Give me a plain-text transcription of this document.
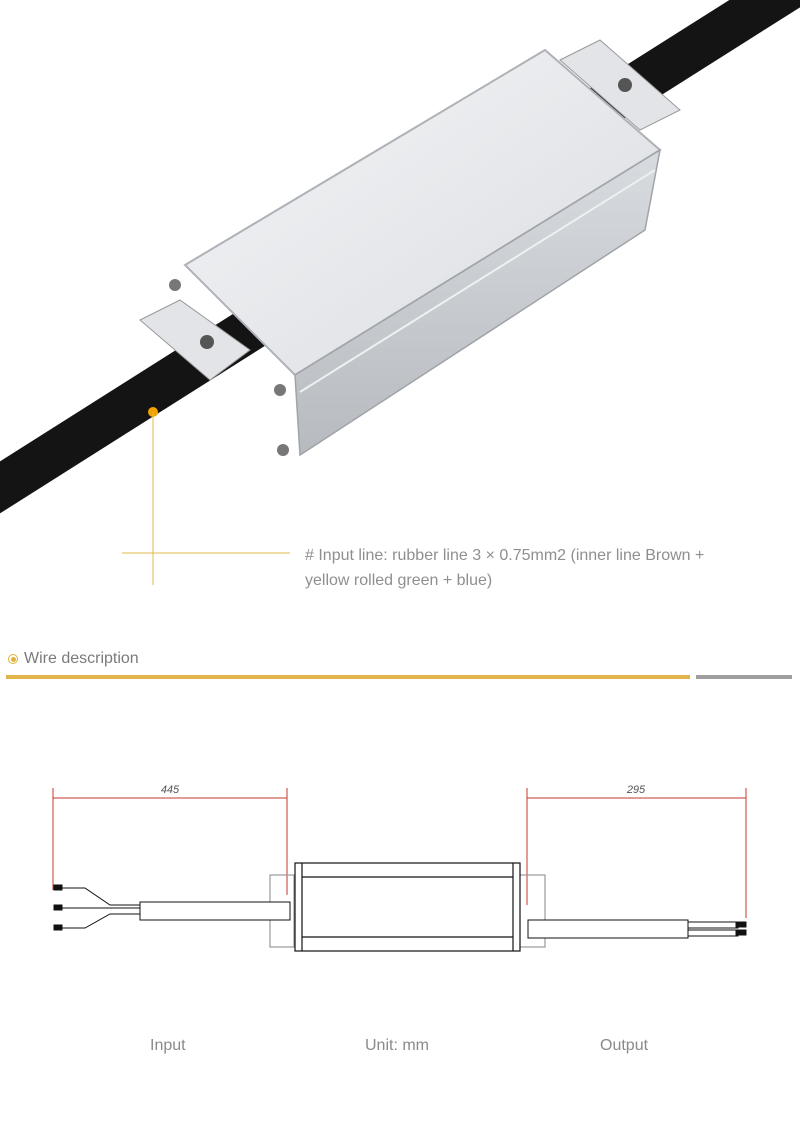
# Input line: rubber line 3 × 0.75mm2 (inner line Brown + yellow rolled green + blue)
Wire description
445	295
Input	Unit: mm	Output
